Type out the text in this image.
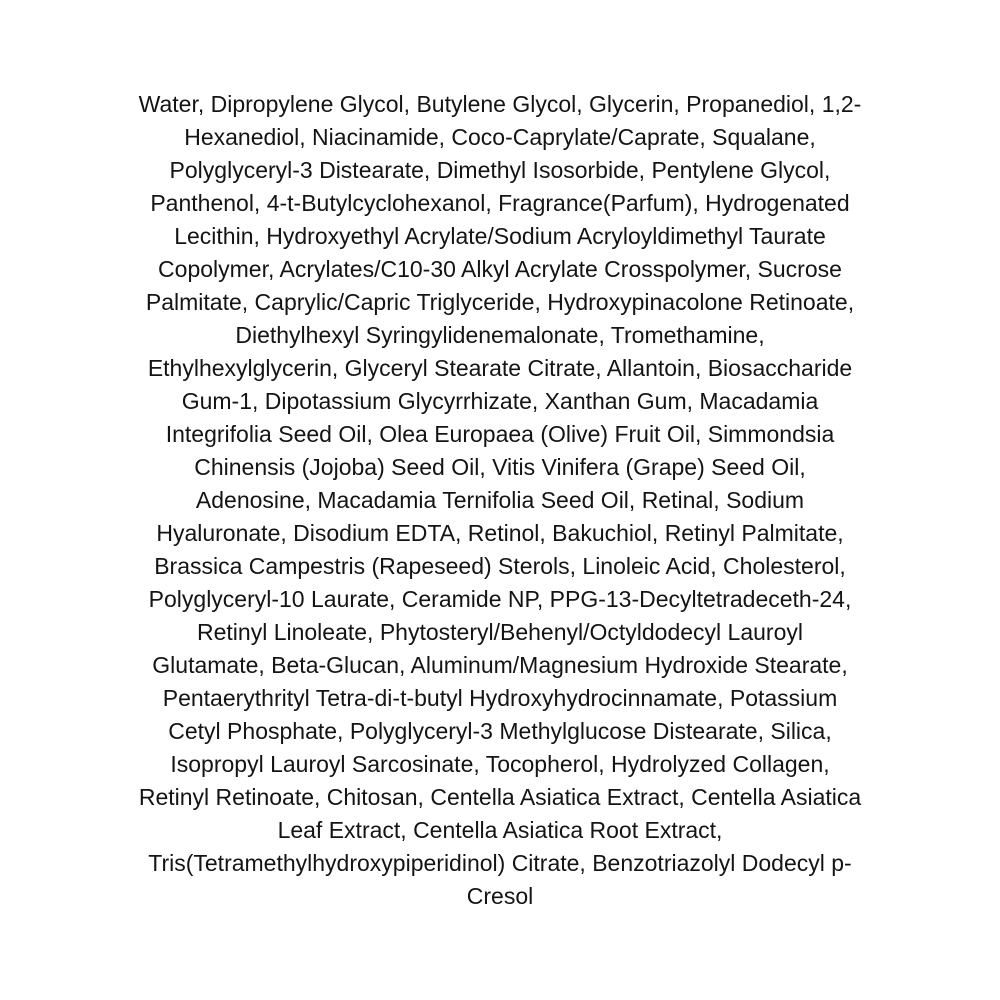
Water, Dipropylene Glycol, Butylene Glycol, Glycerin, Propanediol, 1,2-
Hexanediol, Niacinamide, Coco-Caprylate/Caprate, Squalane,
Polyglyceryl-3 Distearate, Dimethyl Isosorbide, Pentylene Glycol,
Panthenol, 4-t-Butylcyclohexanol, Fragrance(Parfum), Hydrogenated
Lecithin, Hydroxyethyl Acrylate/Sodium Acryloyldimethyl Taurate
Copolymer, Acrylates/C10-30 Alkyl Acrylate Crosspolymer, Sucrose
Palmitate, Caprylic/Capric Triglyceride, Hydroxypinacolone Retinoate,
Diethylhexyl Syringylidenemalonate, Tromethamine,
Ethylhexylglycerin, Glyceryl Stearate Citrate, Allantoin, Biosaccharide
Gum-1, Dipotassium Glycyrrhizate, Xanthan Gum, Macadamia
Integrifolia Seed Oil, Olea Europaea (Olive) Fruit Oil, Simmondsia
Chinensis (Jojoba) Seed Oil, Vitis Vinifera (Grape) Seed Oil,
Adenosine, Macadamia Ternifolia Seed Oil, Retinal, Sodium
Hyaluronate, Disodium EDTA, Retinol, Bakuchiol, Retinyl Palmitate,
Brassica Campestris (Rapeseed) Sterols, Linoleic Acid, Cholesterol,
Polyglyceryl-10 Laurate, Ceramide NP, PPG-13-Decyltetradeceth-24,
Retinyl Linoleate, Phytosteryl/Behenyl/Octyldodecyl Lauroyl
Glutamate, Beta-Glucan, Aluminum/Magnesium Hydroxide Stearate,
Pentaerythrityl Tetra-di-t-butyl Hydroxyhydrocinnamate, Potassium
Cetyl Phosphate, Polyglyceryl-3 Methylglucose Distearate, Silica,
Isopropyl Lauroyl Sarcosinate, Tocopherol, Hydrolyzed Collagen,
Retinyl Retinoate, Chitosan, Centella Asiatica Extract, Centella Asiatica
Leaf Extract, Centella Asiatica Root Extract,
Tris(Tetramethylhydroxypiperidinol) Citrate, Benzotriazolyl Dodecyl p-
Cresol
